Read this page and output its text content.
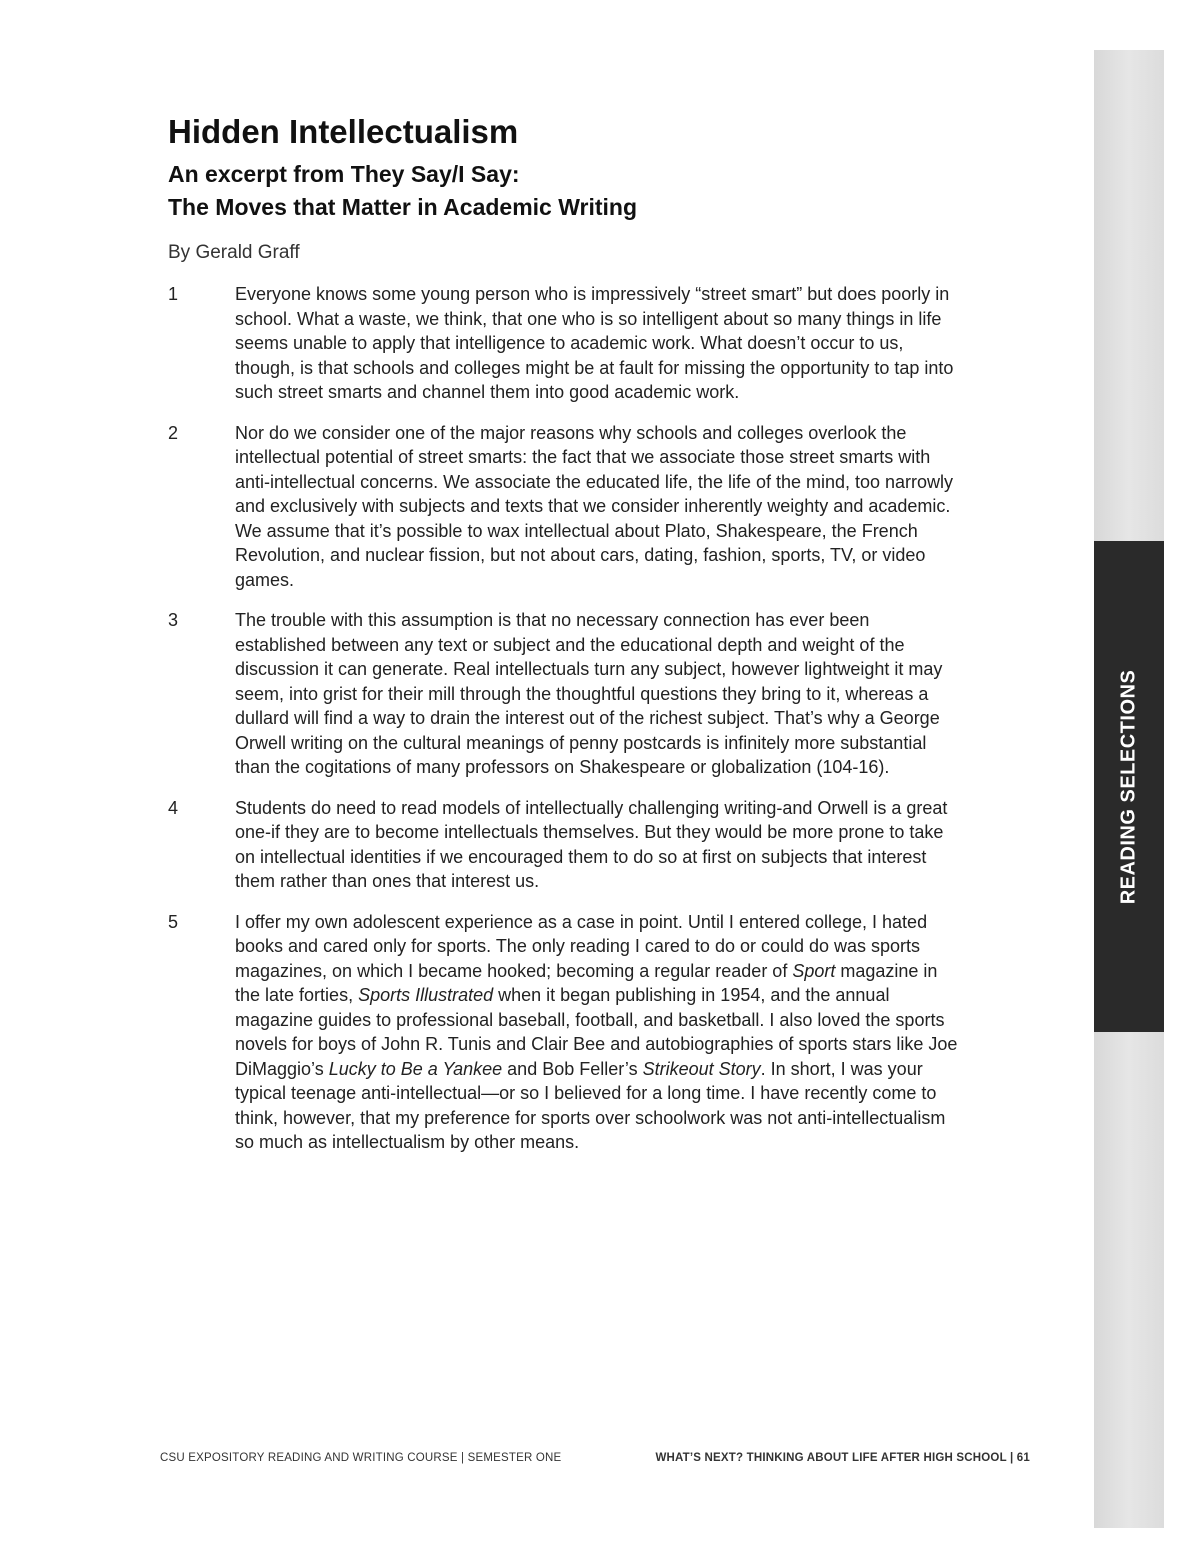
READING SELECTIONS
Hidden Intellectualism
An excerpt from They Say/I Say:
The Moves that Matter in Academic Writing

By Gerald Graff

1	Everyone knows some young person who is impressively “street smart” but does poorly in school. What a waste, we think, that one who is so intelligent about so many things in life seems unable to apply that intelligence to academic work. What doesn’t occur to us, though, is that schools and colleges might be at fault for missing the opportunity to tap into such street smarts and channel them into good academic work.
2	Nor do we consider one of the major reasons why schools and colleges overlook the intellectual potential of street smarts: the fact that we associate those street smarts with anti-intellectual concerns. We associate the educated life, the life of the mind, too narrowly and exclusively with subjects and texts that we consider inherently weighty and academic. We assume that it’s possible to wax intellectual about Plato, Shakespeare, the French Revolution, and nuclear fission, but not about cars, dating, fashion, sports, TV, or video games.
3	The trouble with this assumption is that no necessary connection has ever been established between any text or subject and the educational depth and weight of the discussion it can generate. Real intellectuals turn any subject, however lightweight it may seem, into grist for their mill through the thoughtful questions they bring to it, whereas a dullard will find a way to drain the interest out of the richest subject. That’s why a George Orwell writing on the cultural meanings of penny postcards is infinitely more substantial than the cogitations of many professors on Shakespeare or globalization (104-16).
4	Students do need to read models of intellectually challenging writing-and Orwell is a great one-if they are to become intellectuals themselves. But they would be more prone to take on intellectual identities if we encouraged them to do so at first on subjects that interest them rather than ones that interest us.
5	I offer my own adolescent experience as a case in point. Until I entered college, I hated books and cared only for sports. The only reading I cared to do or could do was sports magazines, on which I became hooked; becoming a regular reader of Sport magazine in the late forties, Sports Illustrated when it began publishing in 1954, and the annual magazine guides to professional baseball, football, and basketball. I also loved the sports novels for boys of John R. Tunis and Clair Bee and autobiographies of sports stars like Joe DiMaggio’s Lucky to Be a Yankee and Bob Feller’s Strikeout Story. In short, I was your typical teenage anti-intellectual—or so I believed for a long time. I have recently come to think, however, that my preference for sports over schoolwork was not anti-intellectualism so much as intellectualism by other means.
CSU EXPOSITORY READING AND WRITING COURSE | SEMESTER ONE	WHAT’S NEXT? THINKING ABOUT LIFE AFTER HIGH SCHOOL | 61
